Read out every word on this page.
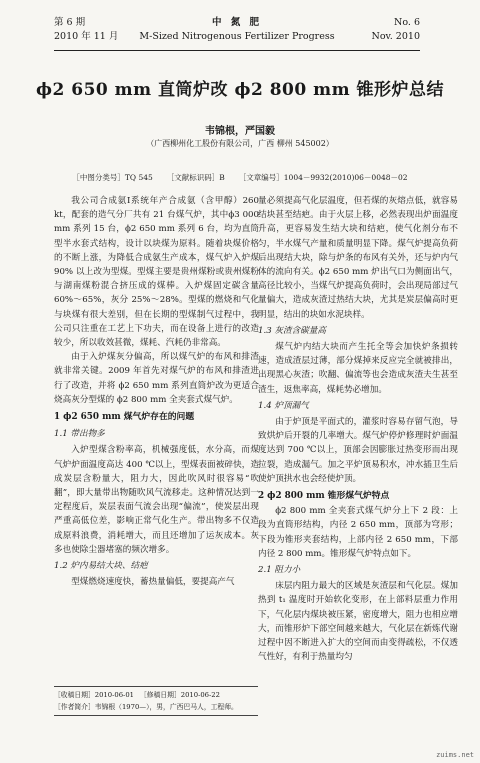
第 6 期
2010 年 11 月
中 氮 肥
M-Sized Nitrogenous Fertilizer Progress
No. 6
Nov. 2010
ϕ2 650 mm 直筒炉改 ϕ2 800 mm 锥形炉总结
韦锦根，严国毅
（广西柳州化工股份有限公司，广西 柳州 545002）
［中图分类号］TQ 545 ［文献标识码］B ［文章编号］1004－9932(2010)06－0048－02

我公司合成氨Ⅰ系统年产合成氨（含甲醇）260 kt，配套的造气分厂共有 21 台煤气炉，其中ϕ3 000 mm 系列 15 台，ϕ2 650 mm 系列 6 台，均为直筒型半水套式结构，设计以块煤为原料。随着块煤价格的不断上涨，为降低合成氨生产成本，煤气炉入炉煤 90% 以上改为型煤。型煤主要是贵州煤粉或贵州煤粉与湖南煤粉混合挤压成的煤棒。入炉煤固定碳含量 60%～65%，灰分 25%～28%。型煤的燃烧和气化与块煤有很大差别，但在长期的型煤制气过程中，我公司只注重在工艺上下功夫，而在设备上进行的改造较少，所以收效甚微，煤耗、汽耗仍非常高。

由于入炉煤灰分偏高，所以煤气炉的布风和排渣就非常关键。2009 年首先对煤气炉的布风和排渣进行了改造，并将 ϕ2 650 mm 系列直筒炉改为更适合烧高灰分型煤的 ϕ2 800 mm 全夹套式煤气炉。

1 ϕ2 650 mm 煤气炉存在的问题
1.1 带出物多

入炉型煤含粉率高，机械强度低，水分高，而煤气炉炉面温度高达 400 ℃以上，型煤表面被碎快，造成炭层含粉量大，阻力大，因此吹风时很容易“吹翻”，即大量带出物随吹风气流移走。这种情况达到一定程度后，炭层表面气流会出现“偏流”，使炭层出现严重高低位差，影响正常气化生产。带出物多不仅造成原料浪费，消耗增大，而且还增加了运灰成本。灰多也使除尘器堵塞的频次增多。

1.2 炉内易结大块、结疤

型煤燃烧速度快，蓄热量偏低，要提高产气

量必须提高气化层温度，但若煤的灰熔点低，就容易结块甚至结疤。由于火层上移，必然表现出炉面温度升高，更容易发生结大块和结疤，使气化剂分布不匀，半水煤气产量和质量明显下降。煤气炉提高负荷后出现结大块，除与炉条的布风有关外，还与炉内气体的流向有关。ϕ2 650 mm 炉出气口为侧面出气，高径比较小，当煤气炉提高负荷时，会出现局部过气量偏大，造成灰渣过热结大块，尤其是炭层偏高时更明显，结出的块如水泥块样。

1.3 灰渣含碳量高

煤气炉内结大块而产生托全等会加快炉条损转速，造成渣层过薄，部分煤掉来反应完全就被排出，出现黑心灰渣；吹翻、偏流等也会造成灰渣夫生甚至渣生，返焦率高，煤耗势必增加。

1.4 炉顶漏气

由于炉顶是平面式的，灌浆时容易存留气泡，导致烘炉后开裂的几率增大。煤气炉停炉修理时炉面温度达到 700 ℃以上，顶部会因膨胀过热变形而出现拉裂，造成漏气。加之平炉顶易积水，冲水插卫生后使炉顶拱水也会经使炉顶。

2 ϕ2 800 mm 锥形煤气炉特点

ϕ2 800 mm 全夹套式煤气炉分上下 2 段：上段为直筒形结构，内径 2 650 mm，顶部为穹形；下段为锥形夹套结构，上部内径 2 650 mm，下部内径 2 800 mm。锥形煤气炉特点如下。

2.1 阻力小

床层内阻力最大的区域是灰渣层和气化层。煤加热到 t₁ 温度时开始软化变形，在上部料层重力作用下，气化层内煤块被压紧，密度增大，阻力也相应增大，而锥形炉下部空间越来越大，气化层在新炼代谢过程中因不断进入扩大的空间而由变得疏松，不仅透气性好，有利于热量均匀

［收稿日期］2010-06-01 ［修稿日期］2010-06-22
［作者简介］韦锦根（1970—），男，广西巴马人，工程师。
zuims.net
